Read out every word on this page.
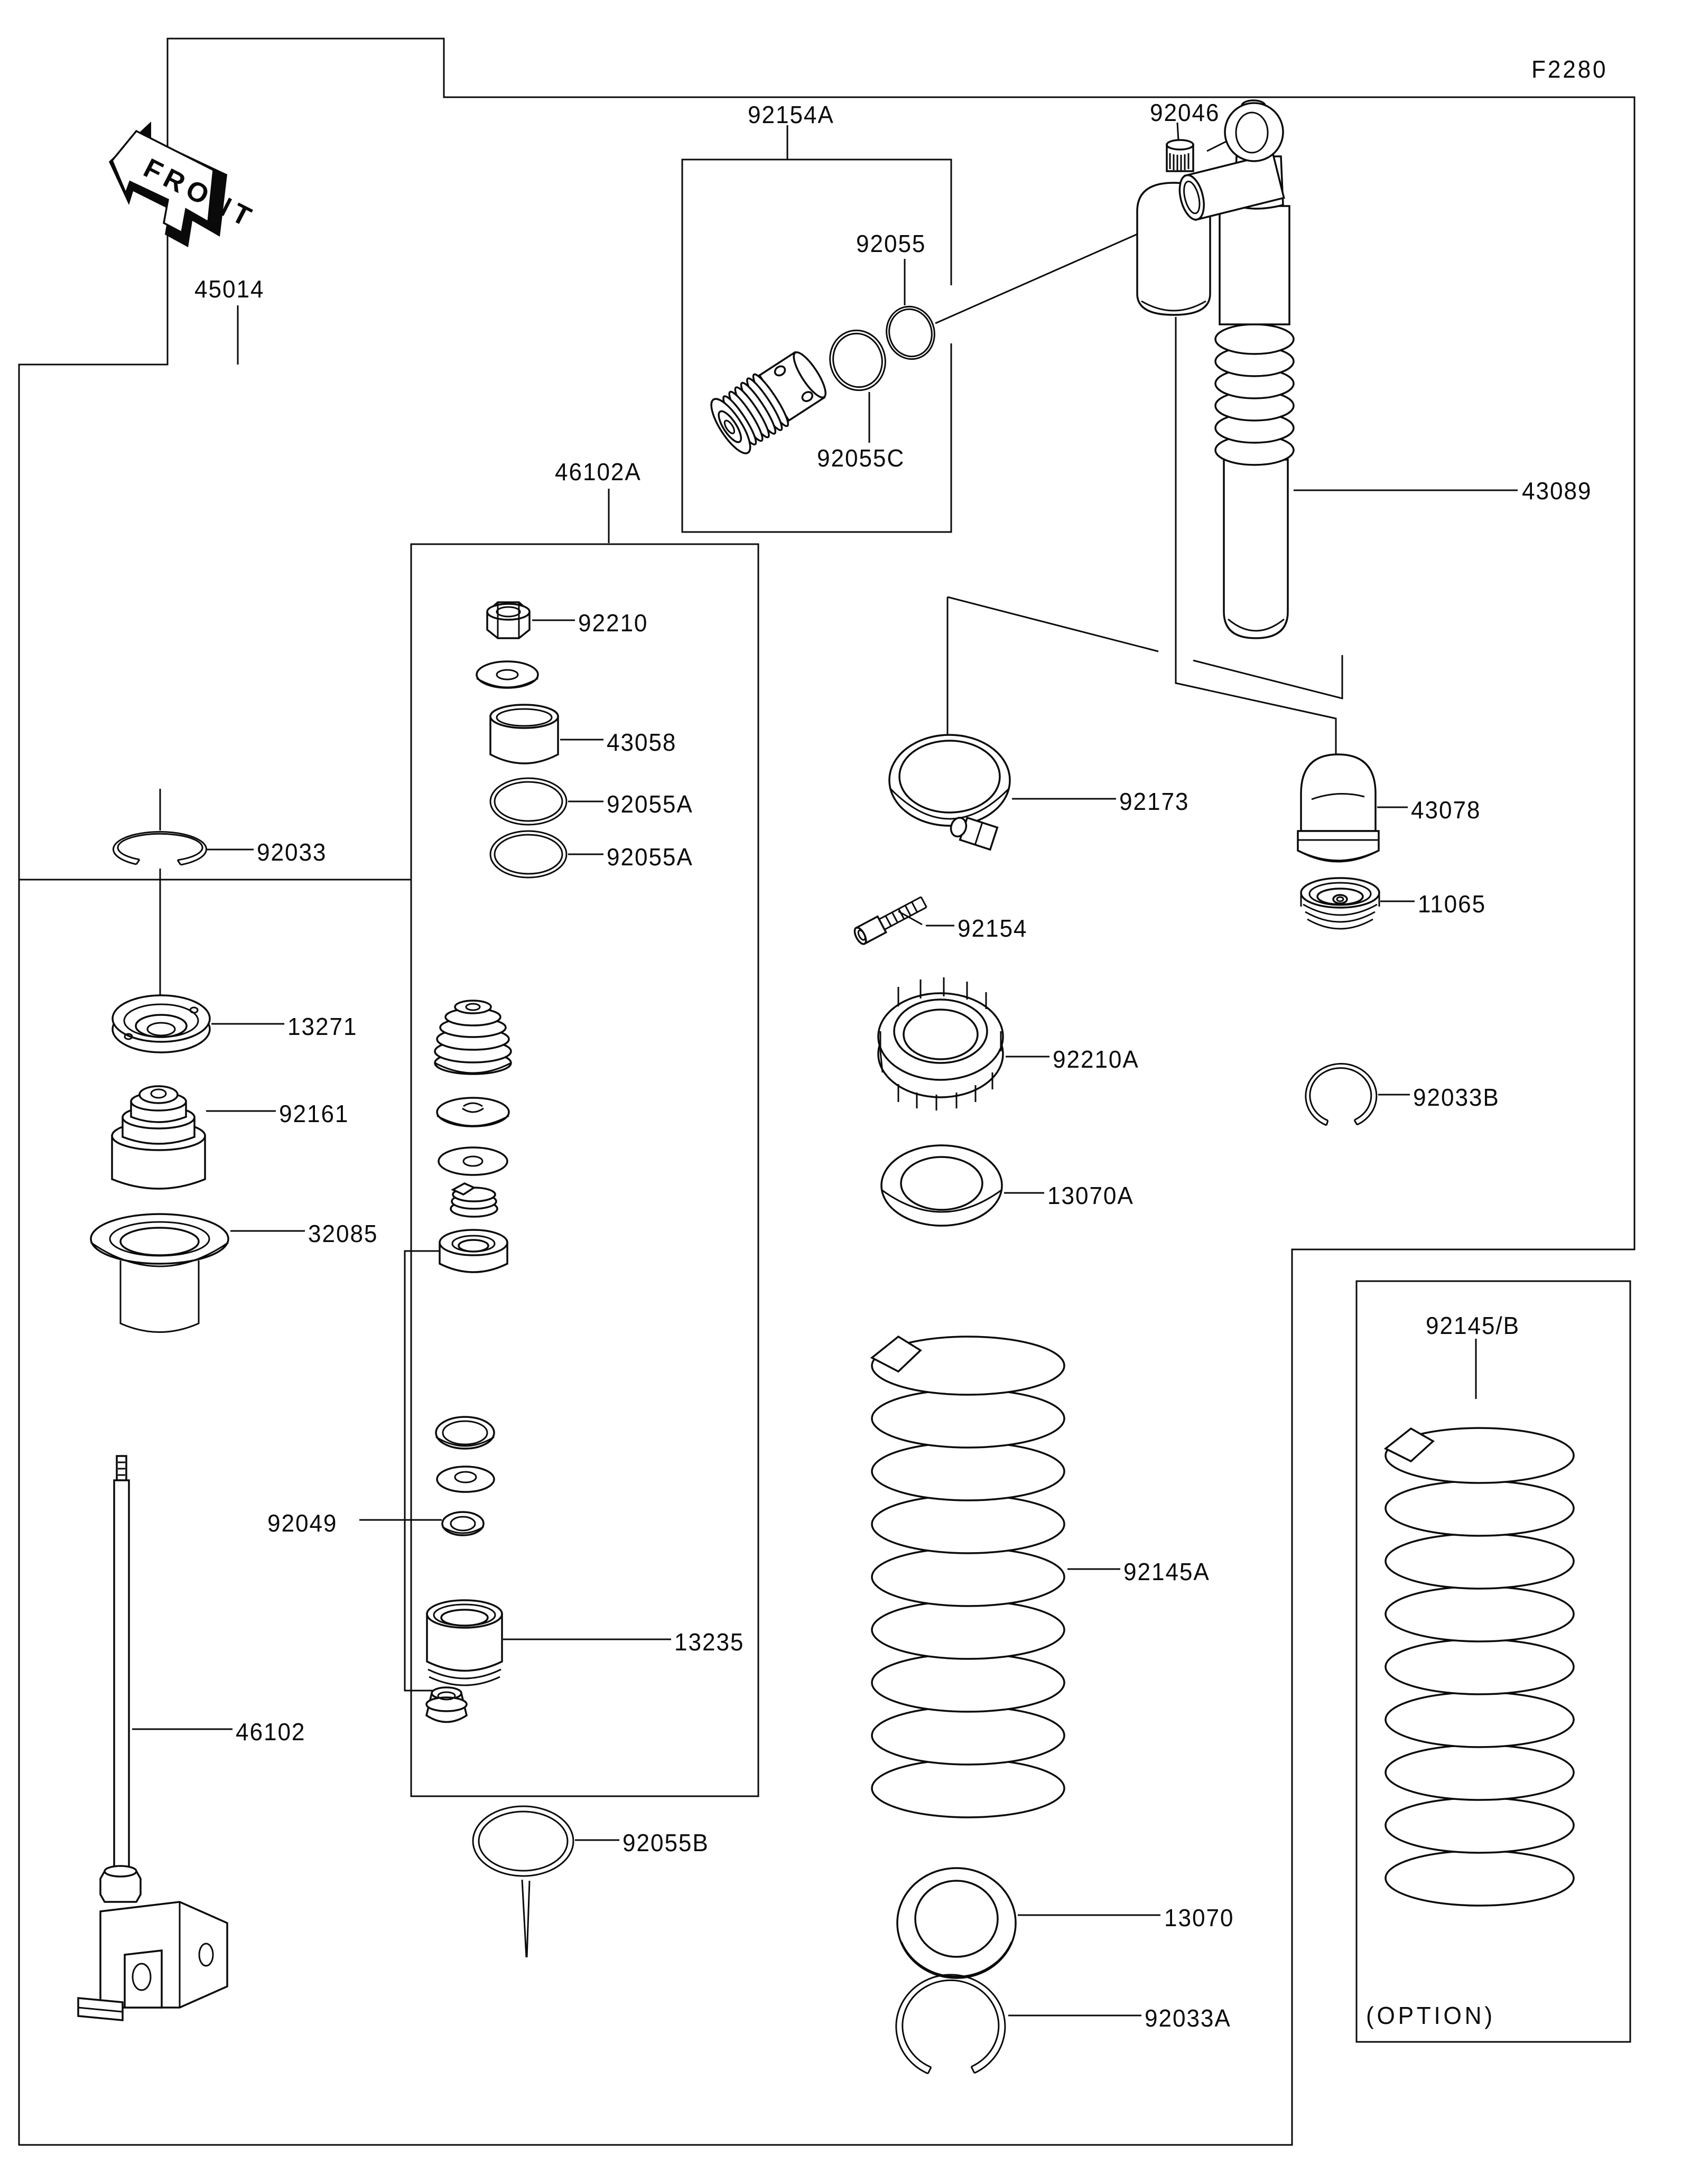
FRONT
F2280
45014
92154A
92055
92055C
92046
43089
46102A
92210
43058
92055A
92055A
92033
13271
92161
32085
92049
13235
46102
92055B
92173
92154
92210A
13070A
92145A
13070
92033A
43078
11065
92033B
92145/B
(OPTION)
